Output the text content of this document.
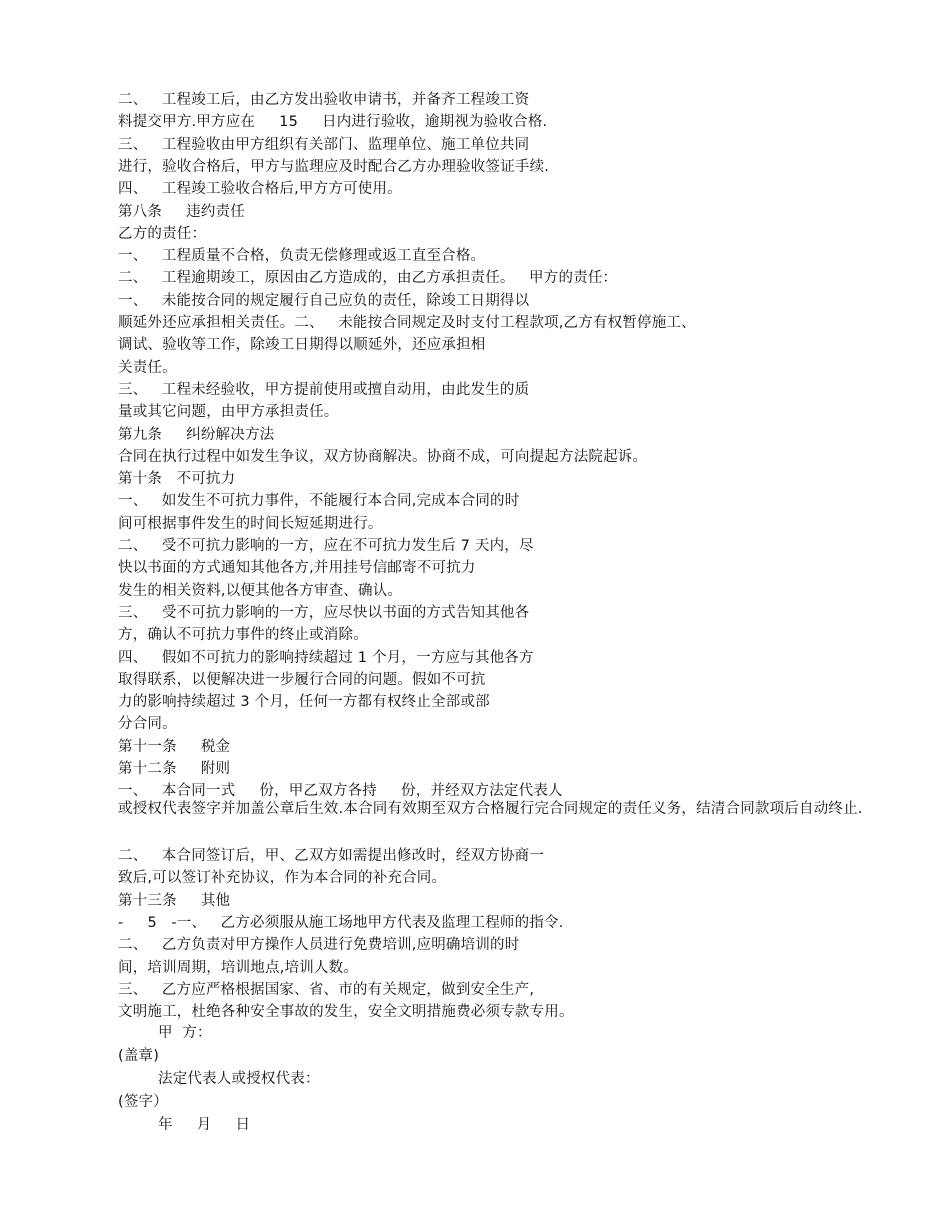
二、   工程竣工后，由乙方发出验收申请书，并备齐工程竣工资
料提交甲方.甲方应在     15     日内进行验收，逾期视为验收合格.
三、   工程验收由甲方组织有关部门、监理单位、施工单位共同
进行，验收合格后，甲方与监理应及时配合乙方办理验收签证手续.
四、   工程竣工验收合格后,甲方方可使用。
第八条     违约责任
乙方的责任：
一、   工程质量不合格，负责无偿修理或返工直至合格。
二、   工程逾期竣工，原因由乙方造成的，由乙方承担责任。   甲方的责任：
一、   未能按合同的规定履行自己应负的责任，除竣工日期得以
顺延外还应承担相关责任。二、   未能按合同规定及时支付工程款项,乙方有权暂停施工、
调试、验收等工作，除竣工日期得以顺延外，还应承担相
关责任。
三、   工程未经验收，甲方提前使用或擅自动用，由此发生的质
量或其它问题，由甲方承担责任。
第九条     纠纷解决方法
合同在执行过程中如发生争议，双方协商解决。协商不成，可向提起方法院起诉。
第十条   不可抗力
一、   如发生不可抗力事件，不能履行本合同,完成本合同的时
间可根据事件发生的时间长短延期进行。
二、   受不可抗力影响的一方，应在不可抗力发生后 7 天内，尽
快以书面的方式通知其他各方,并用挂号信邮寄不可抗力
发生的相关资料,以便其他各方审查、确认。
三、   受不可抗力影响的一方，应尽快以书面的方式告知其他各
方，确认不可抗力事件的终止或消除。
四、   假如不可抗力的影响持续超过 1 个月，一方应与其他各方
取得联系，以便解决进一步履行合同的问题。假如不可抗
力的影响持续超过 3 个月，任何一方都有权终止全部或部
分合同。
第十一条     税金
第十二条     附则
一、   本合同一式     份，甲乙双方各持     份，并经双方法定代表人
或授权代表签字并加盖公章后生效.本合同有效期至双方合格履行完合同规定的责任义务，结清合同款项后自动终止.
二、   本合同签订后，甲、乙双方如需提出修改时，经双方协商一
致后,可以签订补充协议，作为本合同的补充合同。
第十三条     其他
-     5   -一、   乙方必须服从施工场地甲方代表及监理工程师的指令.
二、   乙方负责对甲方操作人员进行免费培训,应明确培训的时
间，培训周期，培训地点,培训人数。
三、   乙方应严格根据国家、省、市的有关规定，做到安全生产,
文明施工，杜绝各种安全事故的发生，安全文明措施费必须专款专用。
甲  方：
(盖章)
法定代表人或授权代表：
(签字）
年     月     日
